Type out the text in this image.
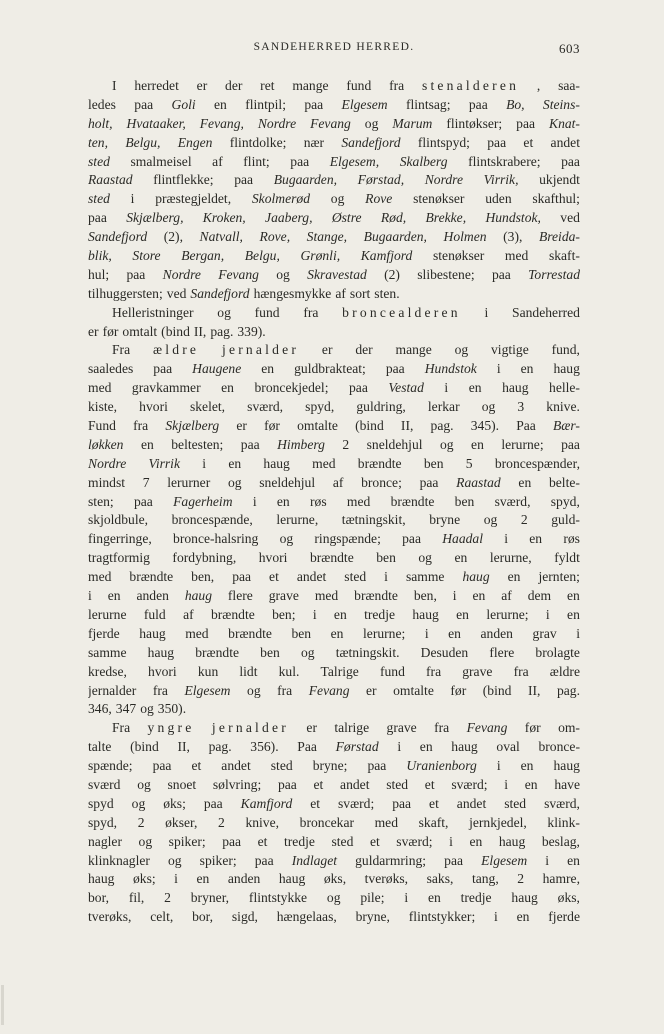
SANDEHERRED HERRED.	603
I herredet er der ret mange fund fra stenalderen , saa-
ledes paa Goli en flintpil; paa Elgesem flintsag; paa Bo, Steins-
holt, Hvataaker, Fevang, Nordre Fevang og Marum flintøkser; paa Knat-
ten, Belgu, Engen flintdolke; nær Sandefjord flintspyd; paa et andet
sted smalmeisel af flint; paa Elgesem, Skalberg flintskrabere; paa
Raastad flintflekke; paa Bugaarden, Førstad, Nordre Virrik, ukjendt
sted i præstegjeldet, Skolmerød og Rove stenøkser uden skafthul;
paa Skjælberg, Kroken, Jaaberg, Østre Rød, Brekke, Hundstok, ved
Sandefjord (2), Natvall, Rove, Stange, Bugaarden, Holmen (3), Breida-
blik, Store Bergan, Belgu, Grønli, Kamfjord stenøkser med skaft-
hul; paa Nordre Fevang og Skravestad (2) slibestene; paa Torrestad
tilhuggersten; ved Sandefjord hængesmykke af sort sten.
Helleristninger og fund fra broncealderen i Sandeherred
er før omtalt (bind II, pag. 339).
Fra ældre jernalder er der mange og vigtige fund,
saaledes paa Haugene en guldbrakteat; paa Hundstok i en haug
med gravkammer en broncekjedel; paa Vestad i en haug helle-
kiste, hvori skelet, sværd, spyd, guldring, lerkar og 3 knive.
Fund fra Skjælberg er før omtalte (bind II, pag. 345). Paa Bær-
løkken en beltesten; paa Himberg 2 sneldehjul og en lerurne; paa
Nordre Virrik i en haug med brændte ben 5 broncespænder,
mindst 7 lerurner og sneldehjul af bronce; paa Raastad en belte-
sten; paa Fagerheim i en røs med brændte ben sværd, spyd,
skjoldbule, broncespænde, lerurne, tætningskit, bryne og 2 guld-
fingerringe, bronce-halsring og ringspænde; paa Haadal i en røs
tragtformig fordybning, hvori brændte ben og en lerurne, fyldt
med brændte ben, paa et andet sted i samme haug en jernten;
i en anden haug flere grave med brændte ben, i en af dem en
lerurne fuld af brændte ben; i en tredje haug en lerurne; i en
fjerde haug med brændte ben en lerurne; i en anden grav i
samme haug brændte ben og tætningskit. Desuden flere brolagte
kredse, hvori kun lidt kul. Talrige fund fra grave fra ældre
jernalder fra Elgesem og fra Fevang er omtalte før (bind II, pag.
346, 347 og 350).
Fra yngre jernalder er talrige grave fra Fevang før om-
talte (bind II, pag. 356). Paa Førstad i en haug oval bronce-
spænde; paa et andet sted bryne; paa Uranienborg i en haug
sværd og snoet sølvring; paa et andet sted et sværd; i en have
spyd og øks; paa Kamfjord et sværd; paa et andet sted sværd,
spyd, 2 økser, 2 knive, broncekar med skaft, jernkjedel, klink-
nagler og spiker; paa et tredje sted et sværd; i en haug beslag,
klinknagler og spiker; paa Indlaget guldarmring; paa Elgesem i en
haug øks; i en anden haug øks, tverøks, saks, tang, 2 hamre,
bor, fil, 2 bryner, flintstykke og pile; i en tredje haug øks,
tverøks, celt, bor, sigd, hængelaas, bryne, flintstykker; i en fjerde
